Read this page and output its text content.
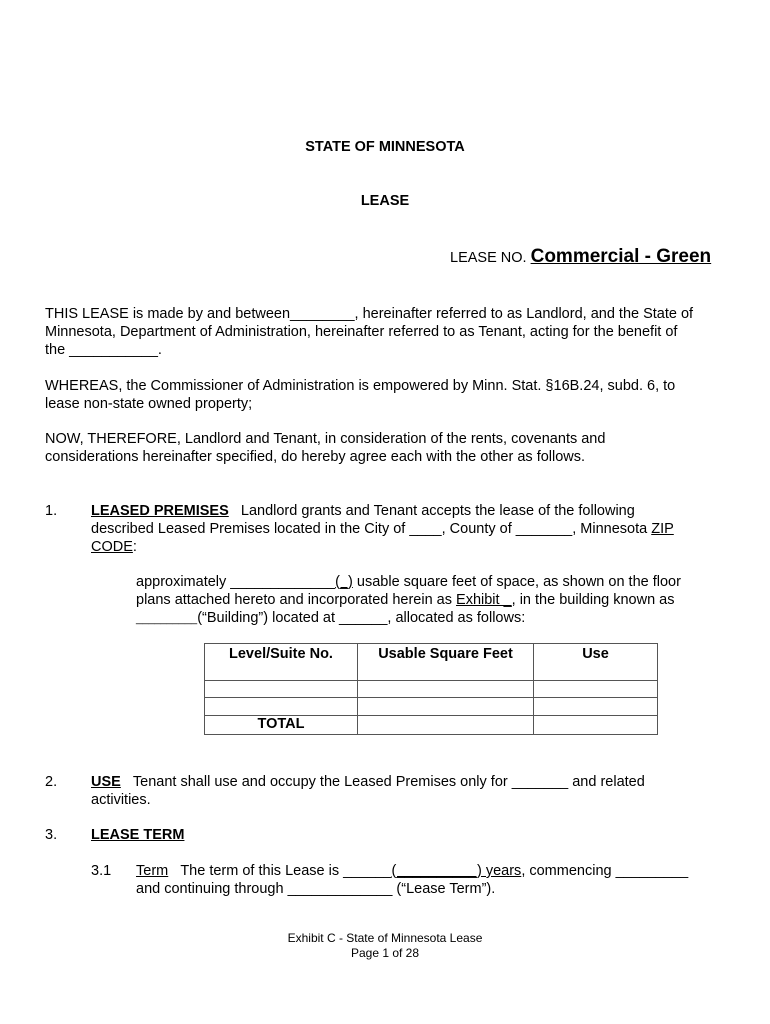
STATE OF MINNESOTA
LEASE
LEASE NO. Commercial - Green
THIS LEASE is made by and between________, hereinafter referred to as Landlord, and the State of
Minnesota, Department of Administration, hereinafter referred to as Tenant, acting for the benefit of
the ___________.
WHEREAS, the Commissioner of Administration is empowered by Minn. Stat. §16B.24, subd. 6, to
lease non-state owned property;
NOW, THEREFORE, Landlord and Tenant, in consideration of the rents, covenants and
considerations hereinafter specified, do hereby agree each with the other as follows.
1. LEASED PREMISES Landlord grants and Tenant accepts the lease of the following
described Leased Premises located in the City of ____, County of _______, Minnesota ZIP
CODE:
approximately _____________(_) usable square feet of space, as shown on the floor
plans attached hereto and incorporated herein as Exhibit _, in the building known as
__________(“Building”) located at ______, allocated as follows:
Level/Suite No.	Usable Square Feet	Use

TOTAL		
2. USE Tenant shall use and occupy the Leased Premises only for _______ and related
activities.
3. LEASE TERM
3.1 Term The term of this Lease is ______(__________) years, commencing _________
and continuing through _____________ (“Lease Term”).
Exhibit C - State of Minnesota Lease
Page 1 of 28
